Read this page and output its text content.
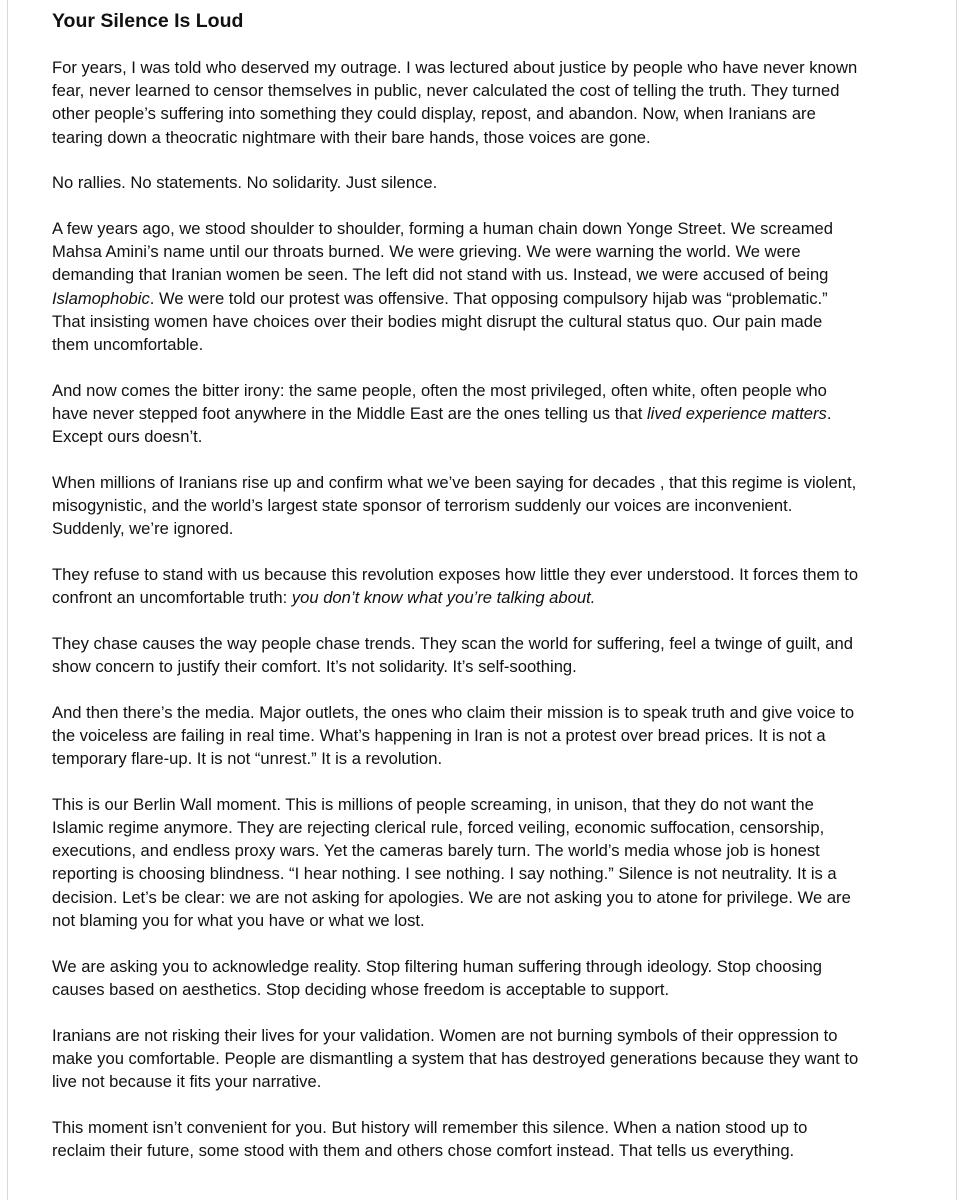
Your Silence Is Loud

For years, I was told who deserved my outrage. I was lectured about justice by people who have never known
fear, never learned to censor themselves in public, never calculated the cost of telling the truth. They turned
other people’s suffering into something they could display, repost, and abandon. Now, when Iranians are
tearing down a theocratic nightmare with their bare hands, those voices are gone.

No rallies. No statements. No solidarity. Just silence.

A few years ago, we stood shoulder to shoulder, forming a human chain down Yonge Street. We screamed
Mahsa Amini’s name until our throats burned. We were grieving. We were warning the world. We were
demanding that Iranian women be seen. The left did not stand with us. Instead, we were accused of being
Islamophobic. We were told our protest was offensive. That opposing compulsory hijab was “problematic.”
That insisting women have choices over their bodies might disrupt the cultural status quo. Our pain made
them uncomfortable.

And now comes the bitter irony: the same people, often the most privileged, often white, often people who
have never stepped foot anywhere in the Middle East are the ones telling us that lived experience matters.
Except ours doesn’t.

When millions of Iranians rise up and confirm what we’ve been saying for decades , that this regime is violent,
misogynistic, and the world’s largest state sponsor of terrorism suddenly our voices are inconvenient.
Suddenly, we’re ignored.

They refuse to stand with us because this revolution exposes how little they ever understood. It forces them to
confront an uncomfortable truth: you don’t know what you’re talking about.

They chase causes the way people chase trends. They scan the world for suffering, feel a twinge of guilt, and
show concern to justify their comfort. It’s not solidarity. It’s self-soothing.

And then there’s the media. Major outlets, the ones who claim their mission is to speak truth and give voice to
the voiceless are failing in real time. What’s happening in Iran is not a protest over bread prices. It is not a
temporary flare-up. It is not “unrest.” It is a revolution.

This is our Berlin Wall moment. This is millions of people screaming, in unison, that they do not want the
Islamic regime anymore. They are rejecting clerical rule, forced veiling, economic suffocation, censorship,
executions, and endless proxy wars. Yet the cameras barely turn. The world’s media whose job is honest
reporting is choosing blindness. “I hear nothing. I see nothing. I say nothing.” Silence is not neutrality. It is a
decision. Let’s be clear: we are not asking for apologies. We are not asking you to atone for privilege. We are
not blaming you for what you have or what we lost.

We are asking you to acknowledge reality. Stop filtering human suffering through ideology. Stop choosing
causes based on aesthetics. Stop deciding whose freedom is acceptable to support.

Iranians are not risking their lives for your validation. Women are not burning symbols of their oppression to
make you comfortable. People are dismantling a system that has destroyed generations because they want to
live not because it fits your narrative.

This moment isn’t convenient for you. But history will remember this silence. When a nation stood up to
reclaim their future, some stood with them and others chose comfort instead. That tells us everything.
